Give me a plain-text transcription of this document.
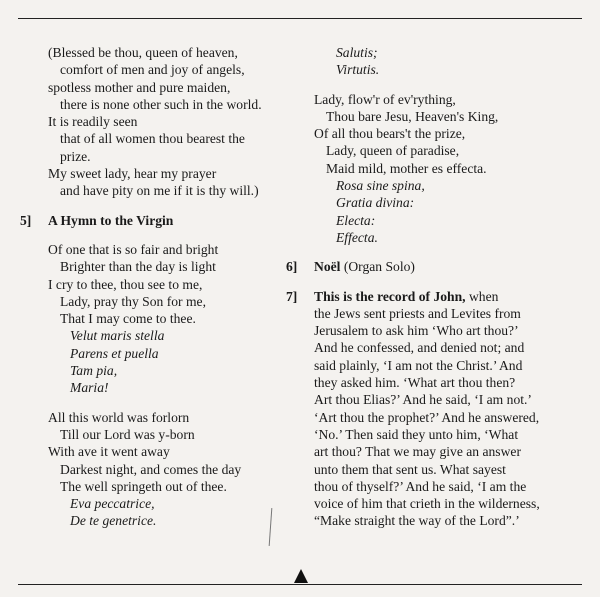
(Blessed be thou, queen of heaven,
comfort of men and joy of angels,
spotless mother and pure maiden,
there is none other such in the world.
It is readily seen
that of all women thou bearest the
prize.
My sweet lady, hear my prayer
and have pity on me if it is thy will.)
5] A Hymn to the Virgin
Of one that is so fair and bright
Brighter than the day is light
I cry to thee, thou see to me,
Lady, pray thy Son for me,
That I may come to thee.
Velut maris stella
Parens et puella
Tam pia,
Maria!
All this world was forlorn
Till our Lord was y-born
With ave it went away
Darkest night, and comes the day
The well springeth out of thee.
Eva peccatrice,
De te genetrice.
Salutis;
Virtutis.
Lady, flow'r of ev'rything,
Thou bare Jesu, Heaven's King,
Of all thou bears't the prize,
Lady, queen of paradise,
Maid mild, mother es effecta.
Rosa sine spina,
Gratia divina:
Electa:
Effecta.
6] Noël (Organ Solo)
7] This is the record of John, when
the Jews sent priests and Levites from
Jerusalem to ask him ‘Who art thou?’
And he confessed, and denied not; and
said plainly, ‘I am not the Christ.’ And
they asked him. ‘What art thou then?
Art thou Elias?’ And he said, ‘I am not.’
‘Art thou the prophet?’ And he answered,
‘No.’ Then said they unto him, ‘What
art thou? That we may give an answer
unto them that sent us. What sayest
thou of thyself?’ And he said, ‘I am the
voice of him that crieth in the wilderness,
“Make straight the way of the Lord”.’
